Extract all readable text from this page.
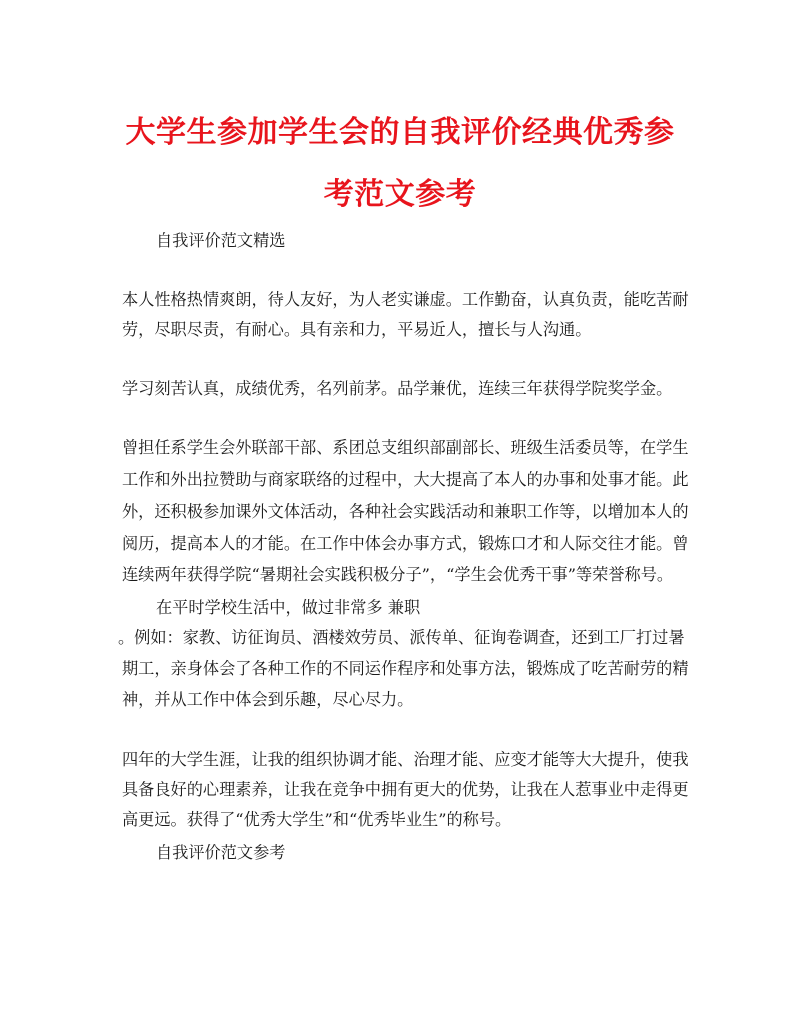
大学生参加学生会的自我评价经典优秀参
考范文参考
自我评价范文精选
本人性格热情爽朗，待人友好，为人老实谦虚。工作勤奋，认真负责，能吃苦耐
劳，尽职尽责，有耐心。具有亲和力，平易近人，擅长与人沟通。
学习刻苦认真，成绩优秀，名列前茅。品学兼优，连续三年获得学院奖学金。
曾担任系学生会外联部干部、系团总支组织部副部长、班级生活委员等，在学生
工作和外出拉赞助与商家联络的过程中，大大提高了本人的办事和处事才能。此
外，还积极参加课外文体活动，各种社会实践活动和兼职工作等，以增加本人的
阅历，提高本人的才能。在工作中体会办事方式，锻炼口才和人际交往才能。曾
连续两年获得学院“暑期社会实践积极分子”，“学生会优秀干事”等荣誉称号。
在平时学校生活中，做过非常多 兼职
。例如：家教、访征询员、酒楼效劳员、派传单、征询卷调查，还到工厂打过暑
期工，亲身体会了各种工作的不同运作程序和处事方法，锻炼成了吃苦耐劳的精
神，并从工作中体会到乐趣，尽心尽力。
四年的大学生涯，让我的组织协调才能、治理才能、应变才能等大大提升，使我
具备良好的心理素养，让我在竞争中拥有更大的优势，让我在人惹事业中走得更
高更远。获得了“优秀大学生”和“优秀毕业生”的称号。
自我评价范文参考
